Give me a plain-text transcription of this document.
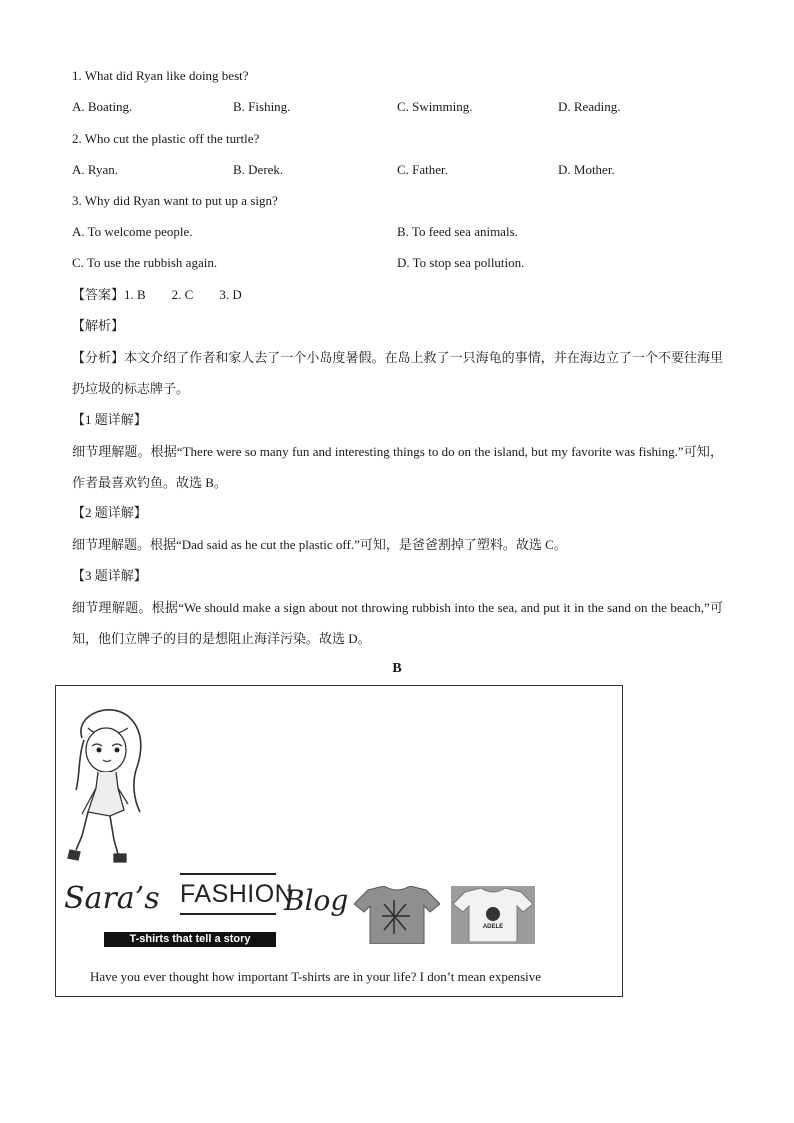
1. What did Ryan like doing best?
A. Boating.	B. Fishing.	C. Swimming.	D. Reading.
2. Who cut the plastic off the turtle?
A. Ryan.	B. Derek.	C. Father.	D. Mother.
3. Why did Ryan want to put up a sign?
A. To welcome people.	B. To feed sea animals.
C. To use the rubbish again.	D. To stop sea pollution.
【答案】1. B　　2. C　　3. D
【解析】
【分析】本文介绍了作者和家人去了一个小岛度暑假。在岛上救了一只海龟的事情，并在海边立了一个不要往海里扔垃圾的标志牌子。
【1 题详解】
细节理解题。根据“There were so many fun and interesting things to do on the island, but my favorite was fishing.”可知，作者最喜欢钓鱼。故选 B。
【2 题详解】
细节理解题。根据“Dad said as he cut the plastic off.”可知，是爸爸割掉了塑料。故选 C。
【3 题详解】
细节理解题。根据“We should make a sign about not throwing rubbish into the sea, and put it in the sand on the beach,”可知，他们立牌子的目的是想阻止海洋污染。故选 D。
B
Sara’s FASHION
Blog
T-shirts that tell a story
ADELE
Have you ever thought how important T-shirts are in your life? I don’t mean expensive
